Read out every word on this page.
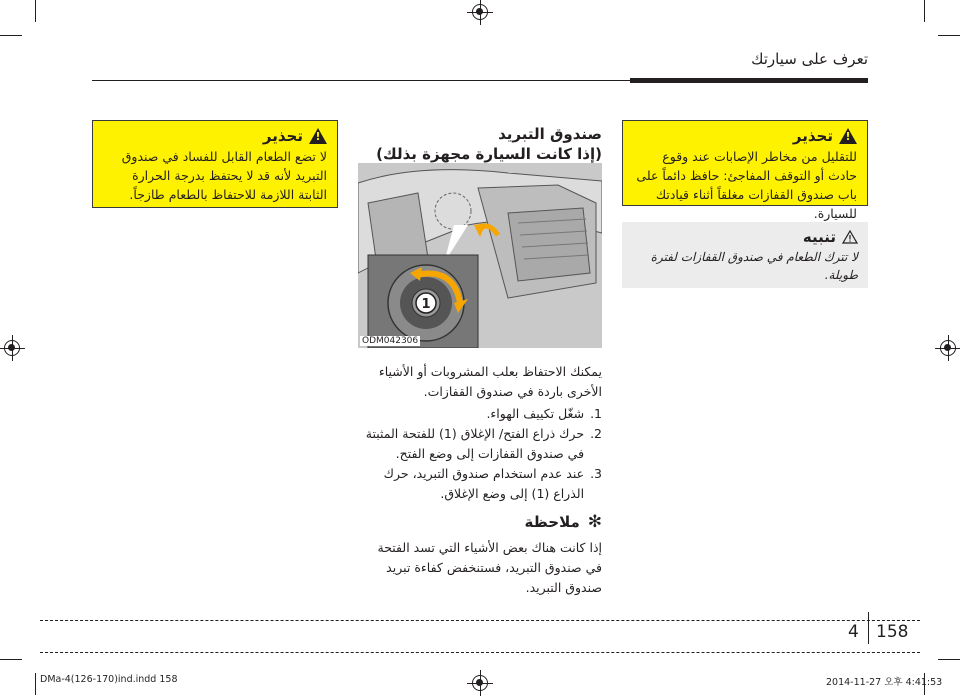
تعرف على سيارتك
!
تحذير
للتقليل من مخاطر الإصابات عند وقوع حادث أو التوقف المفاجئ: حافظ دائماً على باب صندوق القفازات مغلقاً أثناء قيادتك للسيارة.
تنبيه
لا تترك الطعام في صندوق القفازات لفترة طويلة.
صندوق التبريد
(إذا كانت السيارة مجهزة بذلك)
1
ODM042306
يمكنك الاحتفاظ بعلب المشروبات أو الأشياء الأخرى باردة في صندوق القفازات.
1.
شغّل تكييف الهواء.
2.
حرك ذراع الفتح/ الإغلاق (1) للفتحة المثبتة في صندوق القفازات إلى وضع الفتح.
3.
عند عدم استخدام صندوق التبريد، حرك الذراع (1) إلى وضع الإغلاق.
✻
ملاحظة
إذا كانت هناك بعض الأشياء التي تسد الفتحة في صندوق التبريد، فستنخفض كفاءة تبريد صندوق التبريد.
!
تحذير
لا تضع الطعام القابل للفساد في صندوق التبريد لأنه قد لا يحتفظ بدرجة الحرارة الثابتة اللازمة للاحتفاظ بالطعام طازجاً.
4 158
DMa-4(126-170)ind.indd 158	2014-11-27 오후 4:41:53
